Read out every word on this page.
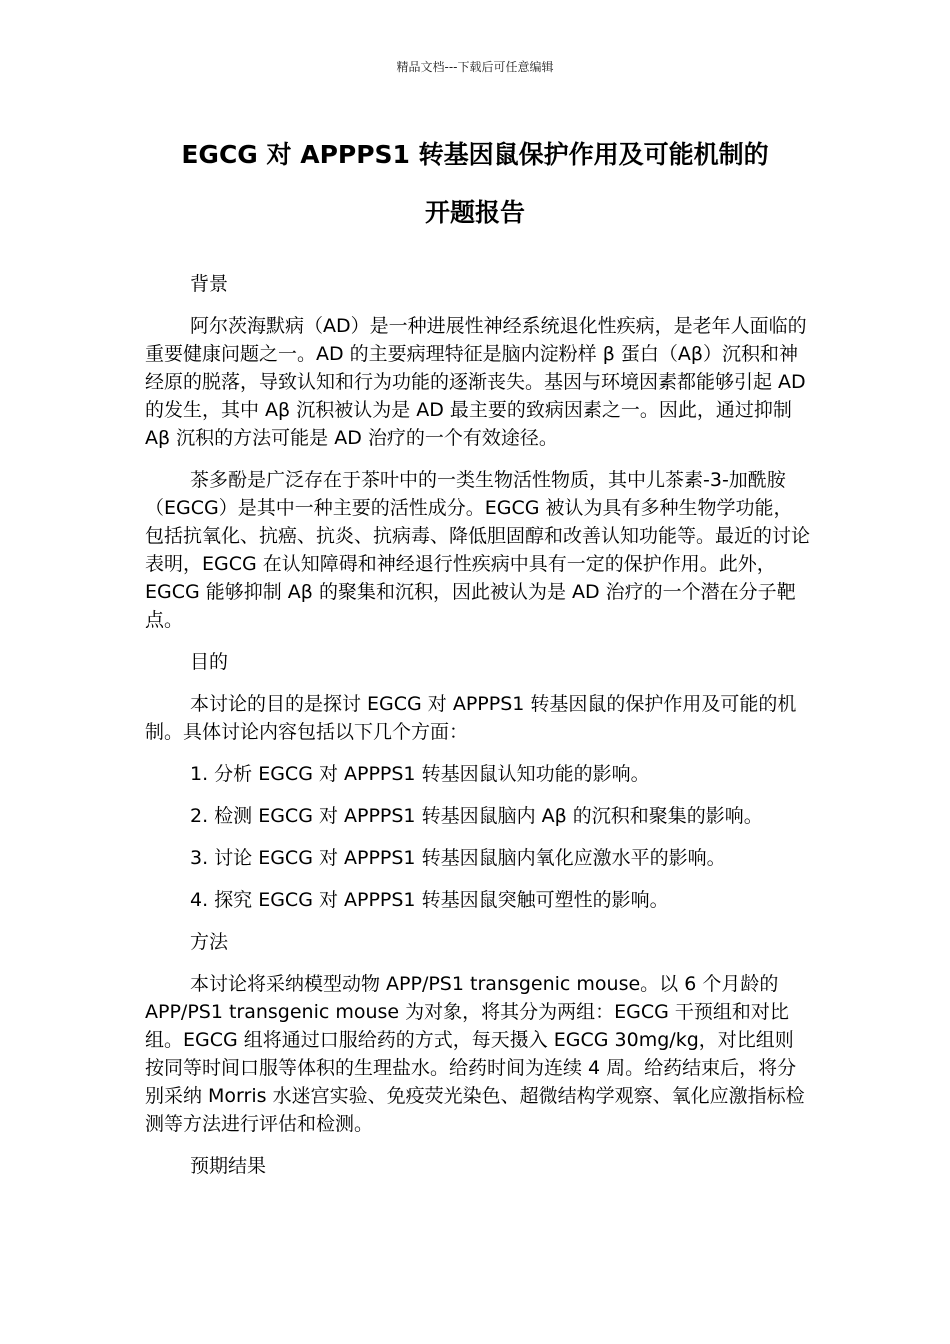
精品文档---下载后可任意编辑
EGCG 对 APPPS1 转基因鼠保护作用及可能机制的
开题报告
背景
阿尔茨海默病（AD）是一种进展性神经系统退化性疾病，是老年人面临的重要健康问题之一。AD 的主要病理特征是脑内淀粉样 β 蛋白（Aβ）沉积和神经原的脱落，导致认知和行为功能的逐渐丧失。基因与环境因素都能够引起 AD 的发生，其中 Aβ 沉积被认为是 AD 最主要的致病因素之一。因此，通过抑制 Aβ 沉积的方法可能是 AD 治疗的一个有效途径。
茶多酚是广泛存在于茶叶中的一类生物活性物质，其中儿茶素-3-加酰胺（EGCG）是其中一种主要的活性成分。EGCG 被认为具有多种生物学功能，包括抗氧化、抗癌、抗炎、抗病毒、降低胆固醇和改善认知功能等。最近的讨论表明，EGCG 在认知障碍和神经退行性疾病中具有一定的保护作用。此外，EGCG 能够抑制 Aβ 的聚集和沉积，因此被认为是 AD 治疗的一个潜在分子靶点。
目的
本讨论的目的是探讨 EGCG 对 APPPS1 转基因鼠的保护作用及可能的机制。具体讨论内容包括以下几个方面：
1. 分析 EGCG 对 APPPS1 转基因鼠认知功能的影响。
2. 检测 EGCG 对 APPPS1 转基因鼠脑内 Aβ 的沉积和聚集的影响。
3. 讨论 EGCG 对 APPPS1 转基因鼠脑内氧化应激水平的影响。
4. 探究 EGCG 对 APPPS1 转基因鼠突触可塑性的影响。
方法
本讨论将采纳模型动物 APP/PS1 transgenic mouse。以 6 个月龄的 APP/PS1 transgenic mouse 为对象，将其分为两组：EGCG 干预组和对比组。EGCG 组将通过口服给药的方式，每天摄入 EGCG 30mg/kg，对比组则按同等时间口服等体积的生理盐水。给药时间为连续 4 周。给药结束后，将分别采纳 Morris 水迷宫实验、免疫荧光染色、超微结构学观察、氧化应激指标检测等方法进行评估和检测。
预期结果
